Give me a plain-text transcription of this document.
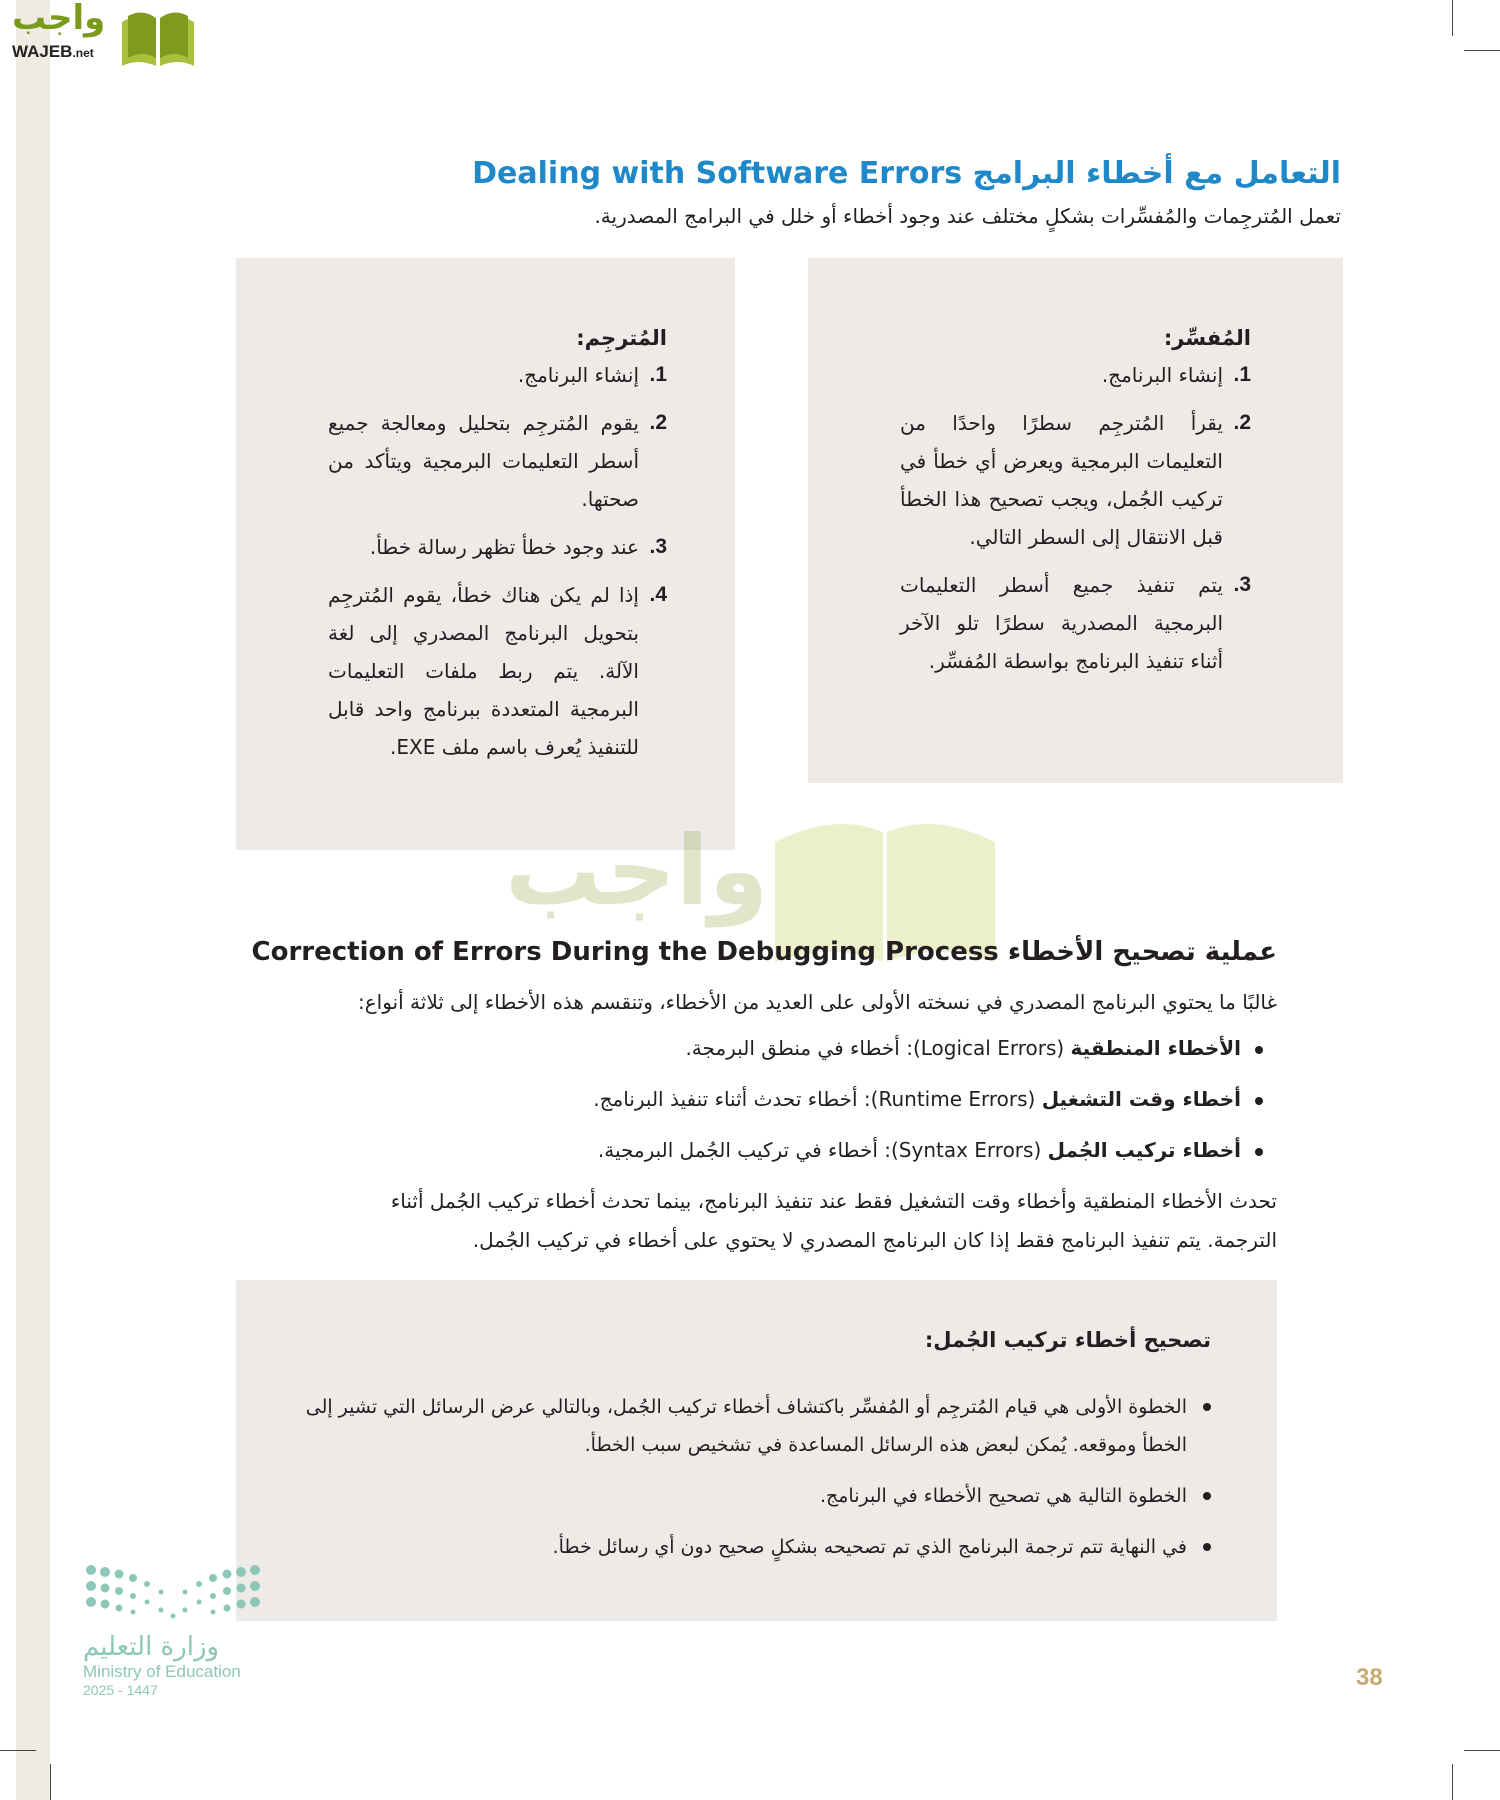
واجب
WAJEB.net
التعامل مع أخطاء البرامج Dealing with Software Errors
تعمل المُترجِمات والمُفسِّرات بشكلٍ مختلف عند وجود أخطاء أو خلل في البرامج المصدرية.
المُفسِّر:
1.
إنشاء البرنامج.
2.
يقرأ المُترجِم سطرًا واحدًا من التعليمات البرمجية ويعرض أي خطأ في تركيب الجُمل، ويجب تصحيح هذا الخطأ قبل الانتقال إلى السطر التالي.
3.
يتم تنفيذ جميع أسطر التعليمات البرمجية المصدرية سطرًا تلو الآخر أثناء تنفيذ البرنامج بواسطة المُفسِّر.
المُترجِم:
1.
إنشاء البرنامج.
2.
يقوم المُترجِم بتحليل ومعالجة جميع أسطر التعليمات البرمجية ويتأكد من صحتها.
3.
عند وجود خطأ تظهر رسالة خطأ.
4.
إذا لم يكن هناك خطأ، يقوم المُترجِم بتحويل البرنامج المصدري إلى لغة الآلة. يتم ربط ملفات التعليمات البرمجية المتعددة ببرنامج واحد قابل للتنفيذ يُعرف باسم ملف EXE.
واجب
عملية تصحيح الأخطاء Correction of Errors During the Debugging Process
غالبًا ما يحتوي البرنامج المصدري في نسخته الأولى على العديد من الأخطاء، وتنقسم هذه الأخطاء إلى ثلاثة أنواع:
الأخطاء المنطقية (Logical Errors): أخطاء في منطق البرمجة.
أخطاء وقت التشغيل (Runtime Errors): أخطاء تحدث أثناء تنفيذ البرنامج.
أخطاء تركيب الجُمل (Syntax Errors): أخطاء في تركيب الجُمل البرمجية.
تحدث الأخطاء المنطقية وأخطاء وقت التشغيل فقط عند تنفيذ البرنامج، بينما تحدث أخطاء تركيب الجُمل أثناء
الترجمة. يتم تنفيذ البرنامج فقط إذا كان البرنامج المصدري لا يحتوي على أخطاء في تركيب الجُمل.
تصحيح أخطاء تركيب الجُمل:
الخطوة الأولى هي قيام المُترجِم أو المُفسِّر باكتشاف أخطاء تركيب الجُمل، وبالتالي عرض الرسائل التي تشير إلى الخطأ وموقعه. يُمكن لبعض هذه الرسائل المساعدة في تشخيص سبب الخطأ.
الخطوة التالية هي تصحيح الأخطاء في البرنامج.
في النهاية تتم ترجمة البرنامج الذي تم تصحيحه بشكلٍ صحيح دون أي رسائل خطأ.
وزارة التعليم
Ministry of Education
2025 - 1447	38
